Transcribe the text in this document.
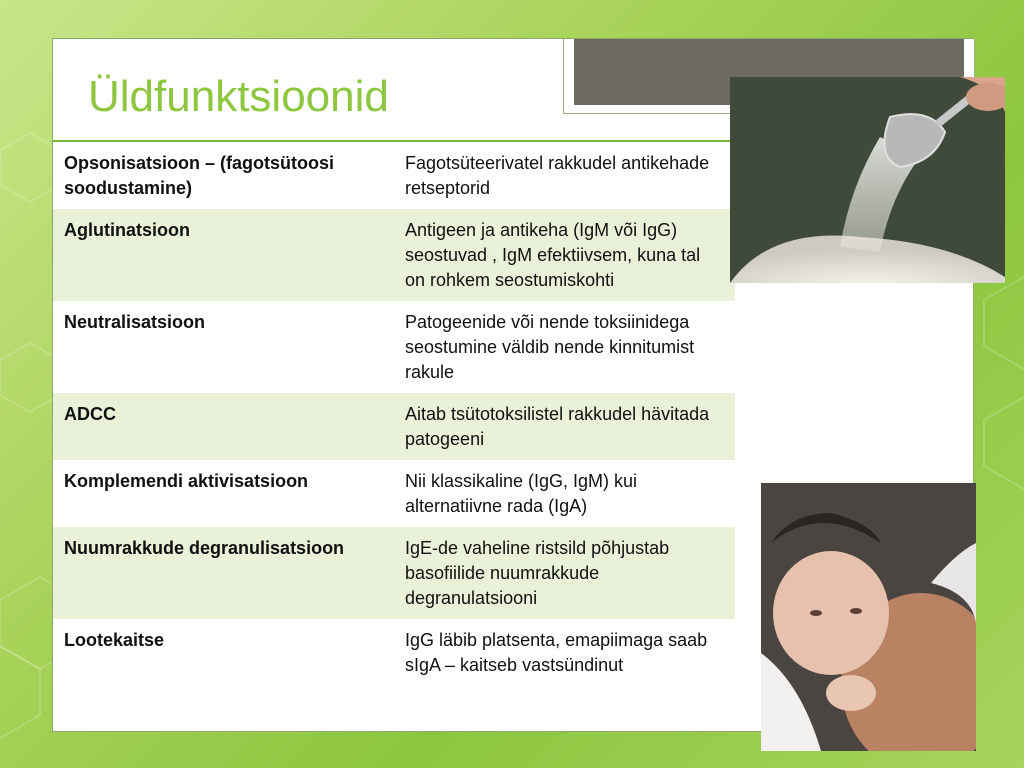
Üldfunktsioonid
Opsonisatsioon – (fagotsütoosi soodustamine)	Fagotsüteerivatel rakkudel antikehade retseptorid
Aglutinatsioon	Antigeen ja antikeha (IgM või IgG) seostuvad , IgM efektiivsem, kuna tal on rohkem seostumiskohti
Neutralisatsioon	Patogeenide või nende toksiinidega seostumine väldib nende kinnitumist rakule
ADCC	Aitab tsütotoksilistel rakkudel hävitada patogeeni
Komplemendi aktivisatsioon	Nii klassikaline (IgG, IgM) kui alternatiivne rada (IgA)
Nuumrakkude degranulisatsioon	IgE-de vaheline ristsild põhjustab basofiilide nuumrakkude degranulatsiooni
Lootekaitse	IgG läbib platsenta, emapiimaga saab sIgA – kaitseb vastsündinut
